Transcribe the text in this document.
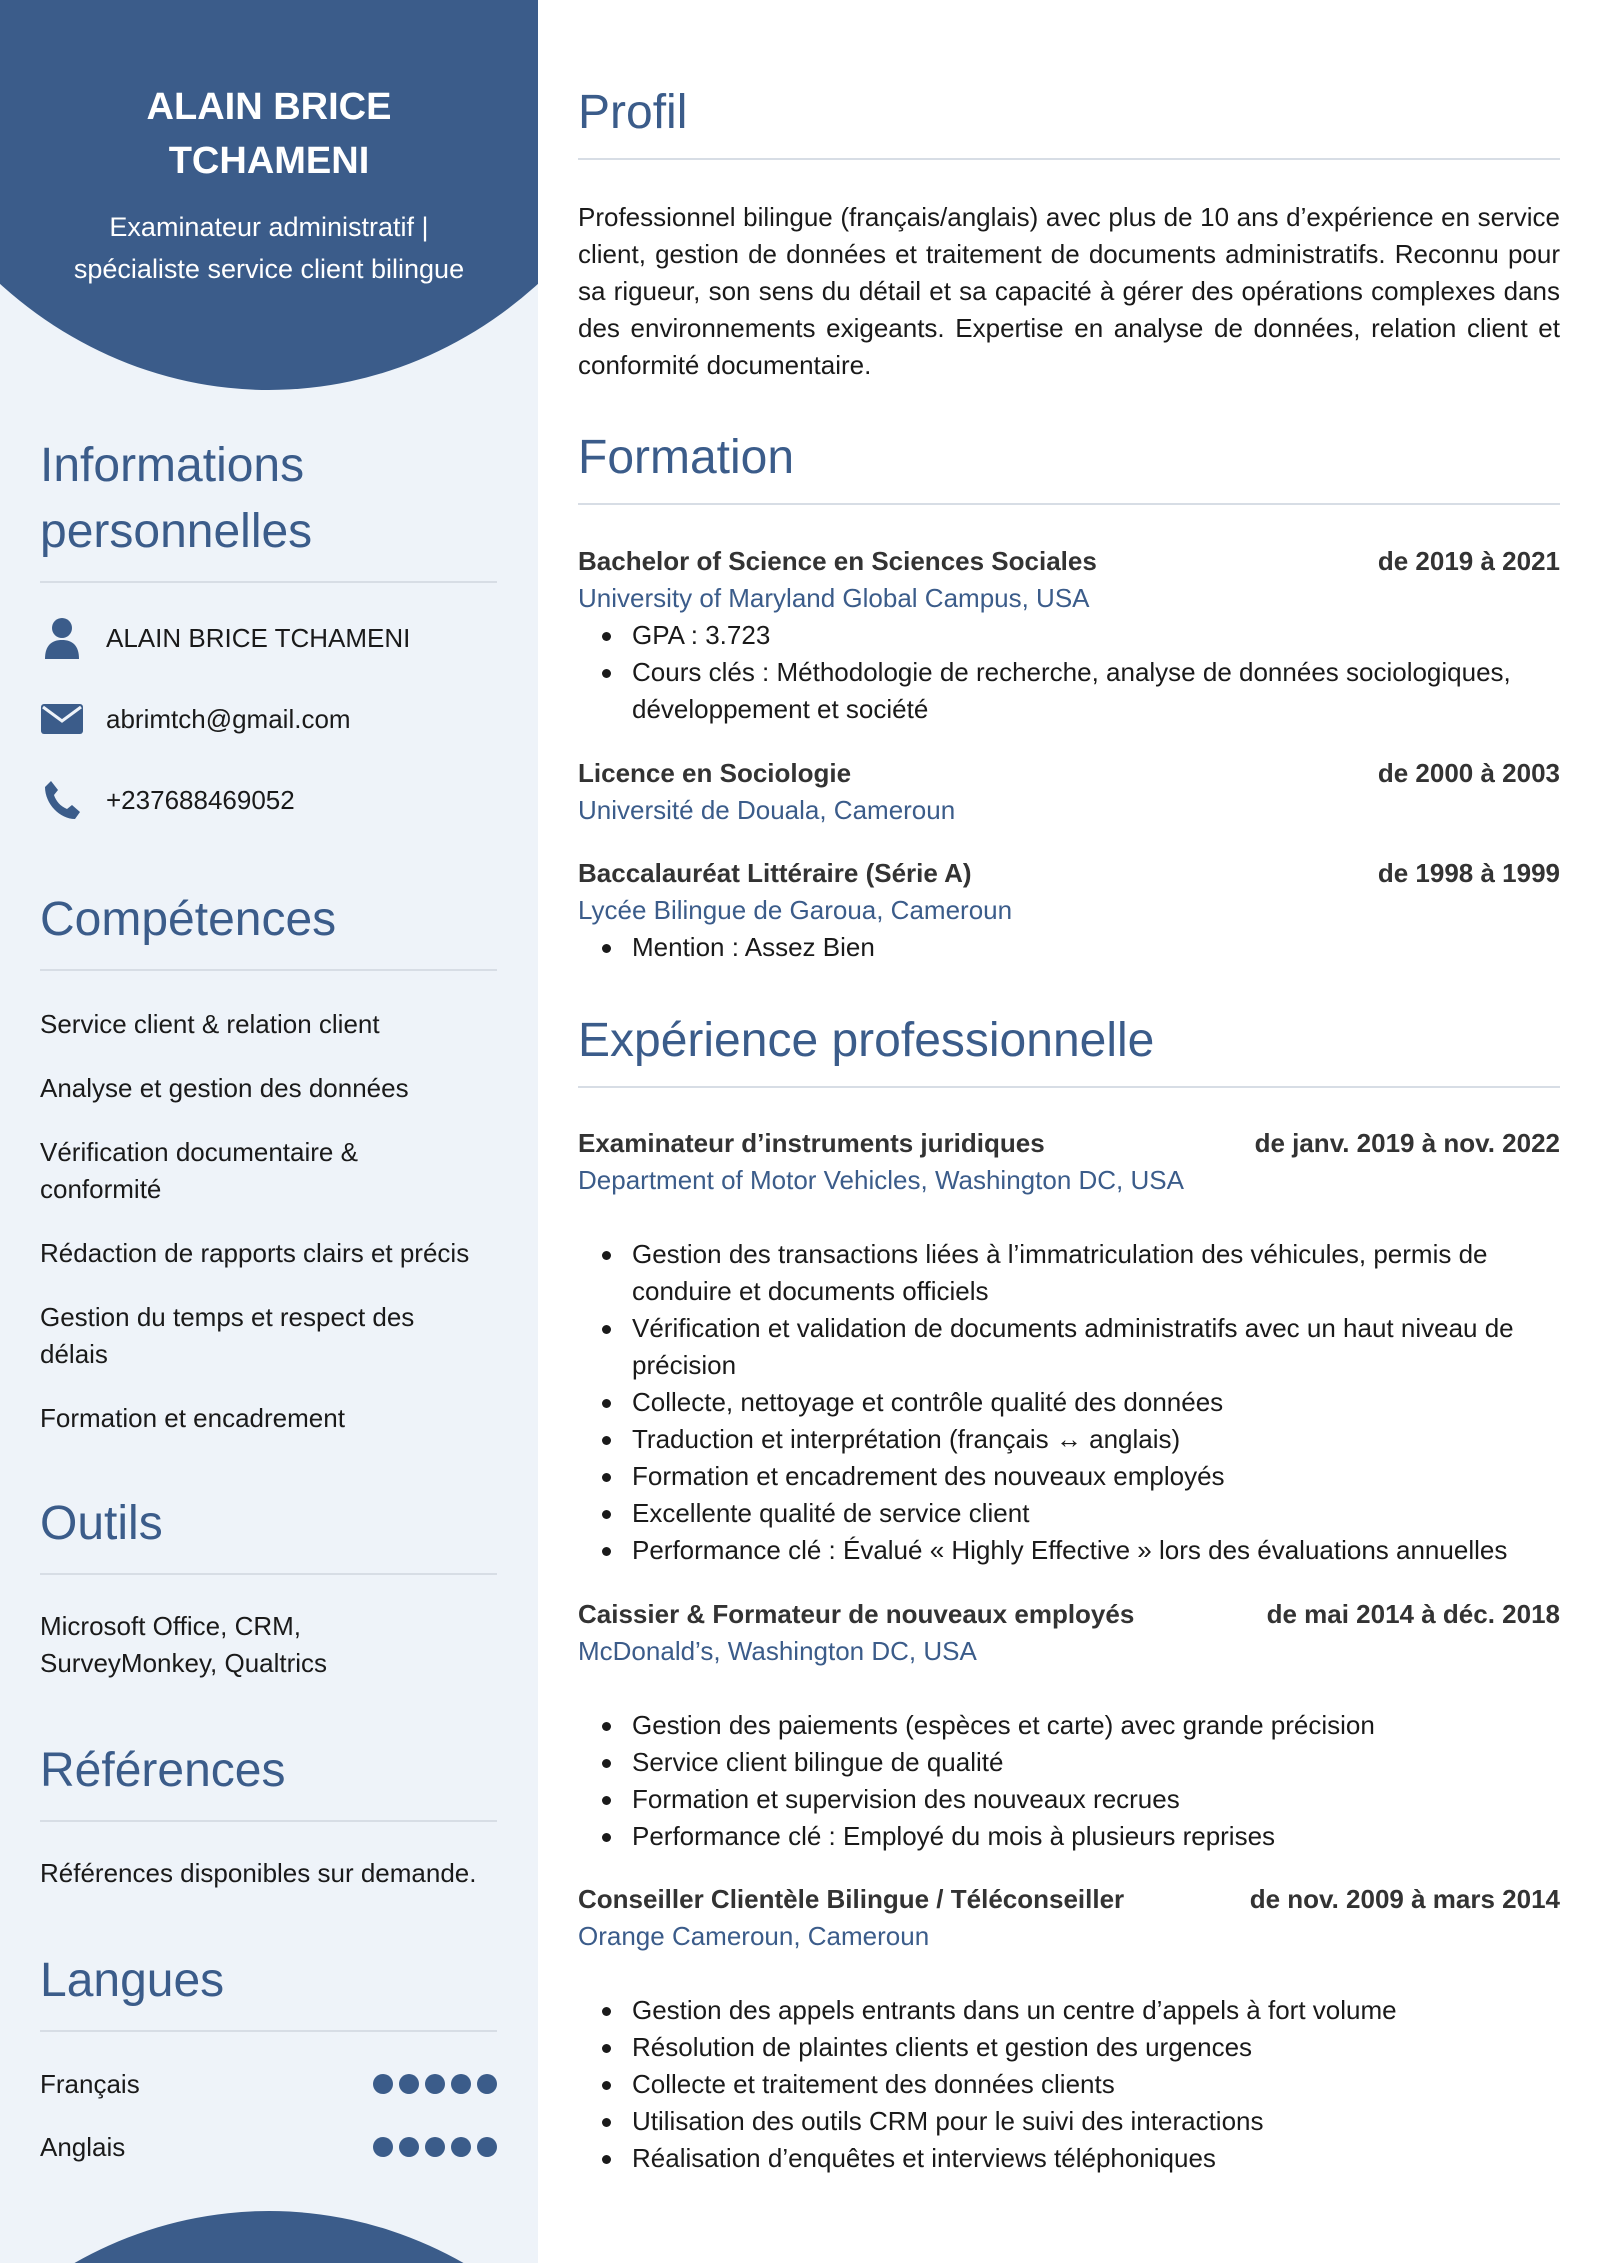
ALAIN BRICE
TCHAMENI
Examinateur administratif |
spécialiste service client bilingue
Informations
personnelles
ALAIN BRICE TCHAMENI
abrimtch@gmail.com
+237688469052
Compétences
Service client & relation client
Analyse et gestion des données
Vérification documentaire & conformité
Rédaction de rapports clairs et précis
Gestion du temps et respect des délais
Formation et encadrement
Outils
Microsoft Office, CRM, SurveyMonkey, Qualtrics
Références
Références disponibles sur demande.
Langues
Français
Anglais
Profil
Professionnel bilingue (français/anglais) avec plus de 10 ans d’expérience en service client, gestion de données et traitement de documents administratifs. Reconnu pour sa rigueur, son sens du détail et sa capacité à gérer des opérations complexes dans des environnements exigeants. Expertise en analyse de données, relation client et conformité documentaire.
Formation
Bachelor of Science en Sciences Sociales	de 2019 à 2021
University of Maryland Global Campus, USA
GPA : 3.723
Cours clés : Méthodologie de recherche, analyse de données sociologiques, développement et société
Licence en Sociologie	de 2000 à 2003
Université de Douala, Cameroun
Baccalauréat Littéraire (Série A)	de 1998 à 1999
Lycée Bilingue de Garoua, Cameroun
Mention : Assez Bien
Expérience professionnelle
Examinateur d’instruments juridiques	de janv. 2019 à nov. 2022
Department of Motor Vehicles, Washington DC, USA
Gestion des transactions liées à l’immatriculation des véhicules, permis de conduire et documents officiels
Vérification et validation de documents administratifs avec un haut niveau de précision
Collecte, nettoyage et contrôle qualité des données
Traduction et interprétation (français ↔ anglais)
Formation et encadrement des nouveaux employés
Excellente qualité de service client
Performance clé : Évalué « Highly Effective » lors des évaluations annuelles
Caissier & Formateur de nouveaux employés	de mai 2014 à déc. 2018
McDonald’s, Washington DC, USA
Gestion des paiements (espèces et carte) avec grande précision
Service client bilingue de qualité
Formation et supervision des nouveaux recrues
Performance clé : Employé du mois à plusieurs reprises
Conseiller Clientèle Bilingue / Téléconseiller	de nov. 2009 à mars 2014
Orange Cameroun, Cameroun
Gestion des appels entrants dans un centre d’appels à fort volume
Résolution de plaintes clients et gestion des urgences
Collecte et traitement des données clients
Utilisation des outils CRM pour le suivi des interactions
Réalisation d’enquêtes et interviews téléphoniques
